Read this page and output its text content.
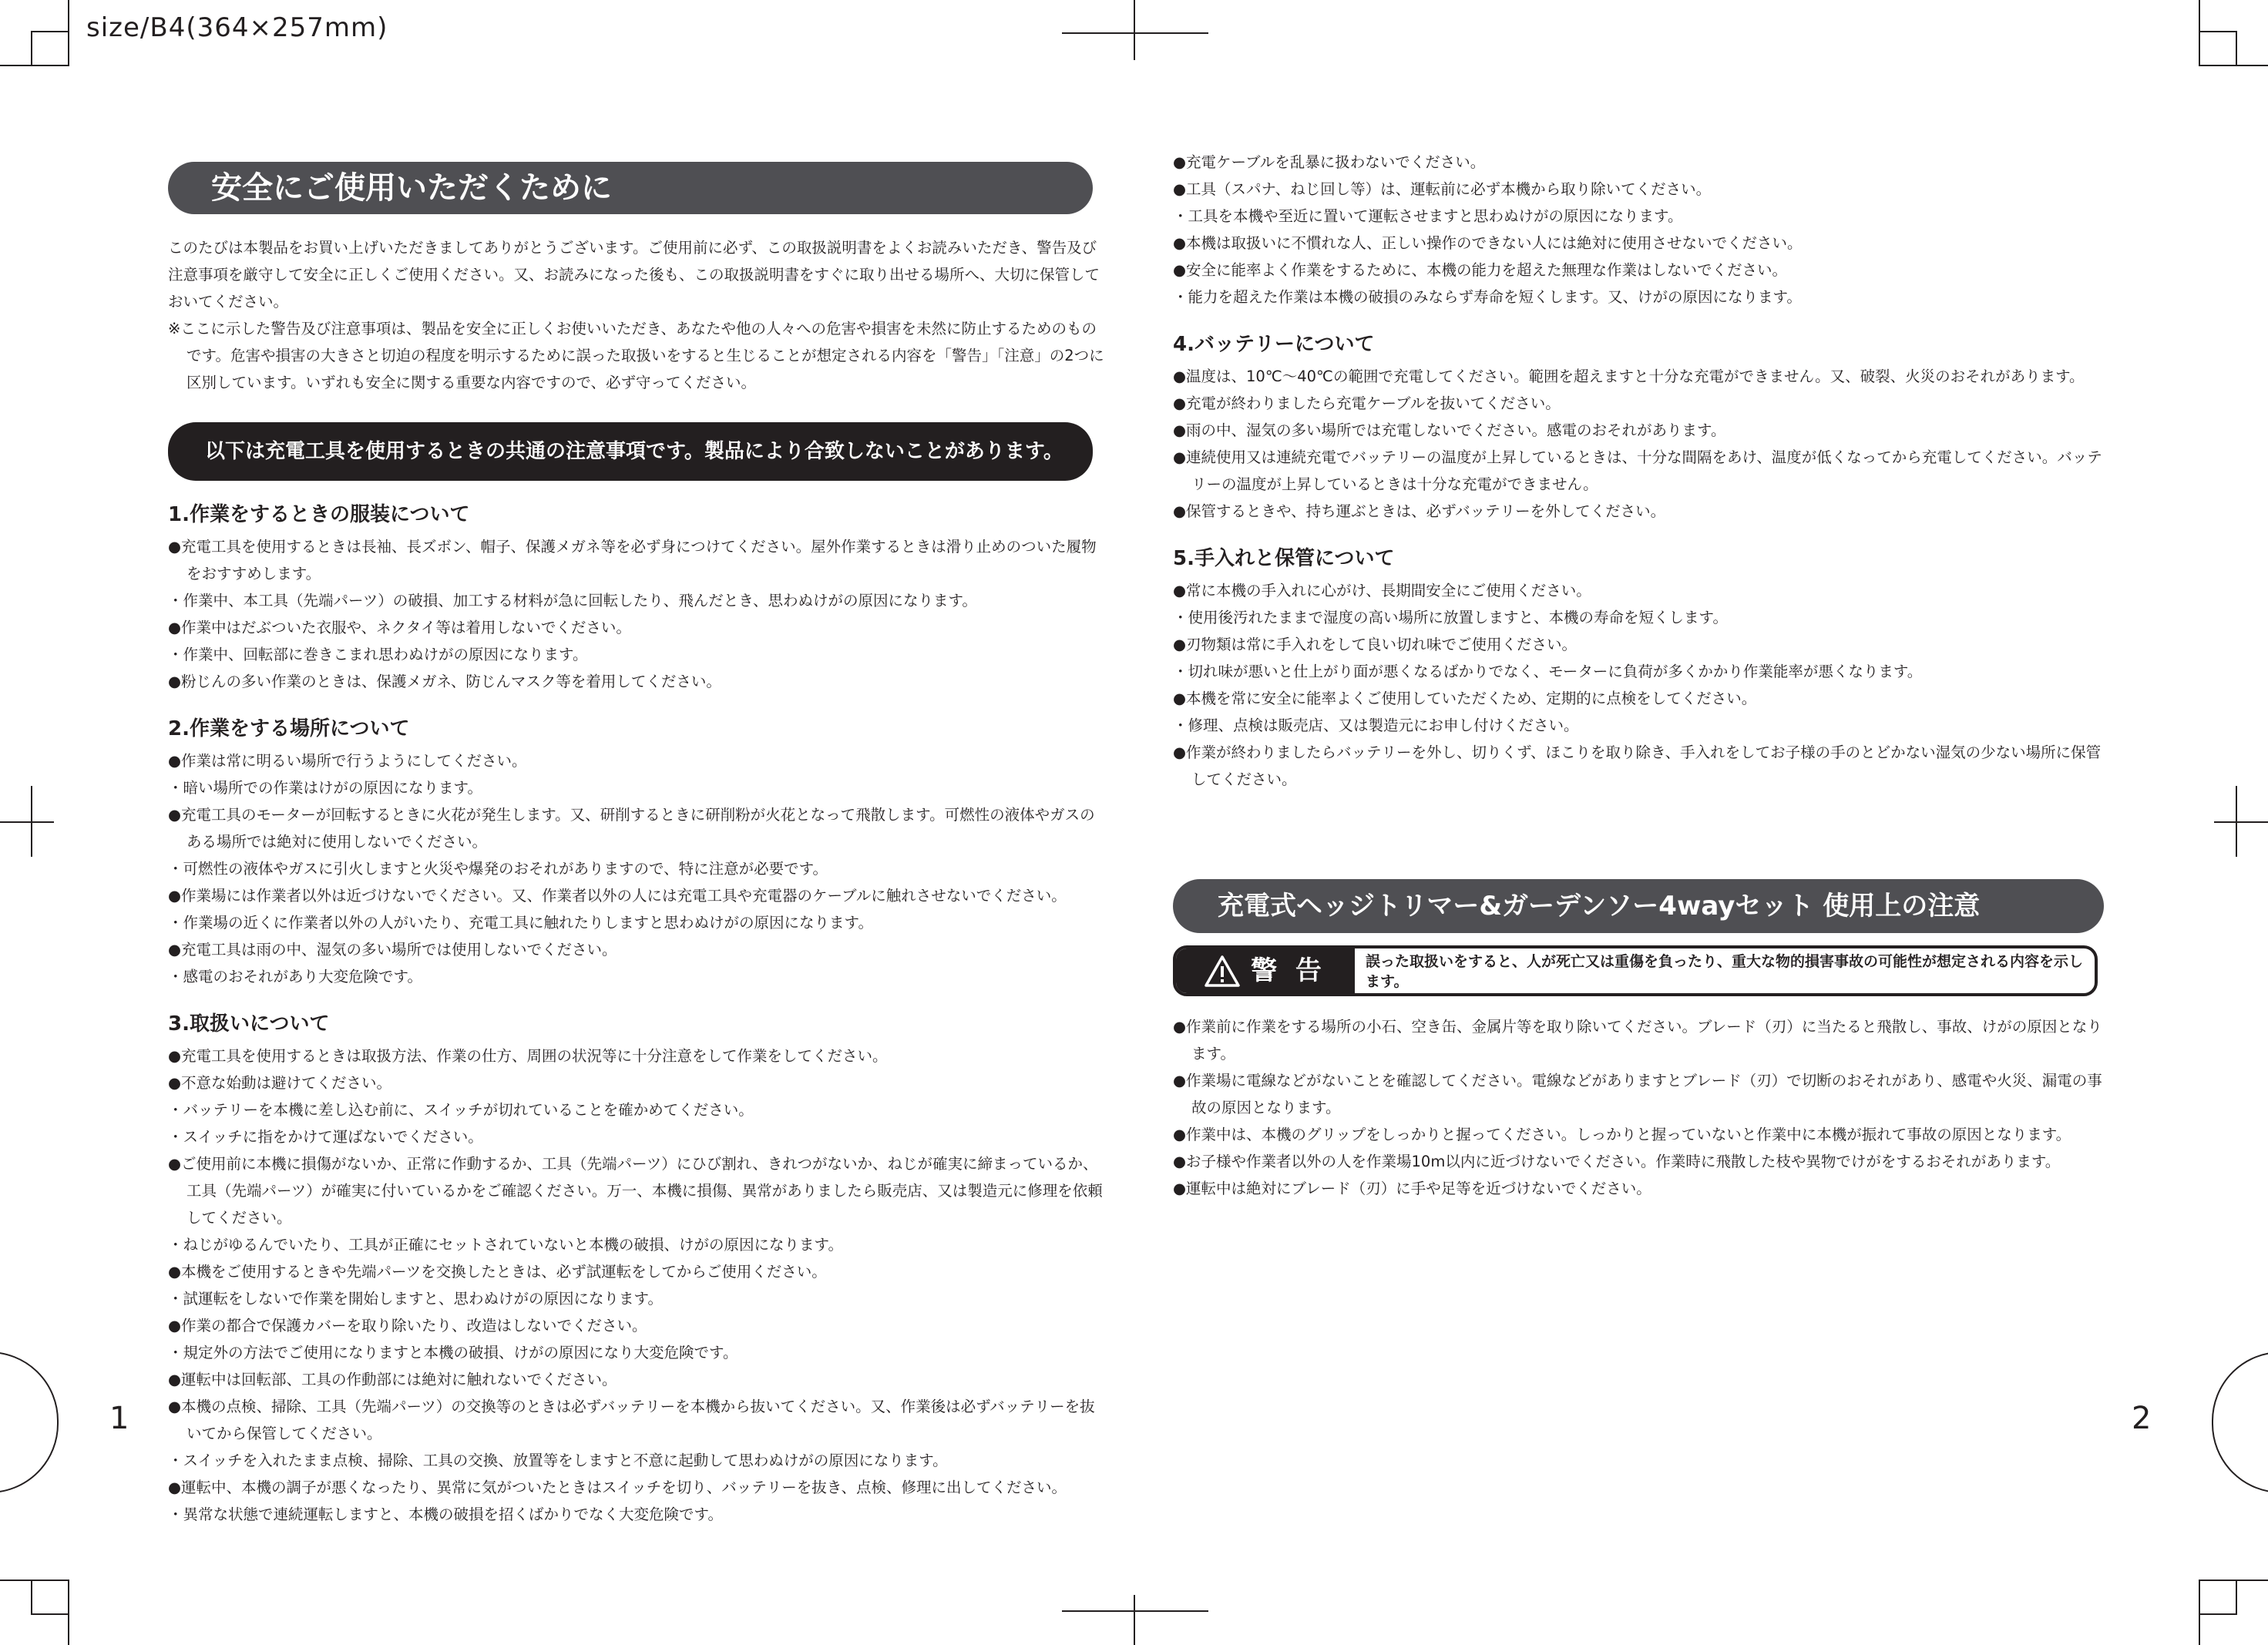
size/B4(364×257mm)
1	2
安全にご使用いただくために

このたびは本製品をお買い上げいただきましてありがとうございます。ご使用前に必ず、この取扱説明書をよくお読みいただき、警告及び注意事項を厳守して安全に正しくご使用ください。又、お読みになった後も、この取扱説明書をすぐに取り出せる場所へ、大切に保管しておいてください。

※ここに示した警告及び注意事項は、製品を安全に正しくお使いいただき、あなたや他の人々への危害や損害を未然に防止するためのものです。危害や損害の大きさと切迫の程度を明示するために誤った取扱いをすると生じることが想定される内容を「警告」「注意」の2つに区別しています。いずれも安全に関する重要な内容ですので、必ず守ってください。

以下は充電工具を使用するときの共通の注意事項です。製品により合致しないことがあります。
1.作業をするときの服装について

●充電工具を使用するときは長袖、長ズボン、帽子、保護メガネ等を必ず身につけてください。屋外作業するときは滑り止めのついた履物をおすすめします。

・作業中、本工具（先端パーツ）の破損、加工する材料が急に回転したり、飛んだとき、思わぬけがの原因になります。

●作業中はだぶついた衣服や、ネクタイ等は着用しないでください。

・作業中、回転部に巻きこまれ思わぬけがの原因になります。

●粉じんの多い作業のときは、保護メガネ、防じんマスク等を着用してください。

2.作業をする場所について

●作業は常に明るい場所で行うようにしてください。

・暗い場所での作業はけがの原因になります。

●充電工具のモーターが回転するときに火花が発生します。又、研削するときに研削粉が火花となって飛散します。可燃性の液体やガスのある場所では絶対に使用しないでください。

・可燃性の液体やガスに引火しますと火災や爆発のおそれがありますので、特に注意が必要です。

●作業場には作業者以外は近づけないでください。又、作業者以外の人には充電工具や充電器のケーブルに触れさせないでください。

・作業場の近くに作業者以外の人がいたり、充電工具に触れたりしますと思わぬけがの原因になります。

●充電工具は雨の中、湿気の多い場所では使用しないでください。

・感電のおそれがあり大変危険です。

3.取扱いについて

●充電工具を使用するときは取扱方法、作業の仕方、周囲の状況等に十分注意をして作業をしてください。

●不意な始動は避けてください。

・バッテリーを本機に差し込む前に、スイッチが切れていることを確かめてください。

・スイッチに指をかけて運ばないでください。

●ご使用前に本機に損傷がないか、正常に作動するか、工具（先端パーツ）にひび割れ、きれつがないか、ねじが確実に締まっているか、工具（先端パーツ）が確実に付いているかをご確認ください。万一、本機に損傷、異常がありましたら販売店、又は製造元に修理を依頼してください。

・ねじがゆるんでいたり、工具が正確にセットされていないと本機の破損、けがの原因になります。

●本機をご使用するときや先端パーツを交換したときは、必ず試運転をしてからご使用ください。

・試運転をしないで作業を開始しますと、思わぬけがの原因になります。

●作業の都合で保護カバーを取り除いたり、改造はしないでください。

・規定外の方法でご使用になりますと本機の破損、けがの原因になり大変危険です。

●運転中は回転部、工具の作動部には絶対に触れないでください。

●本機の点検、掃除、工具（先端パーツ）の交換等のときは必ずバッテリーを本機から抜いてください。又、作業後は必ずバッテリーを抜いてから保管してください。

・スイッチを入れたまま点検、掃除、工具の交換、放置等をしますと不意に起動して思わぬけがの原因になります。

●運転中、本機の調子が悪くなったり、異常に気がついたときはスイッチを切り、バッテリーを抜き、点検、修理に出してください。

・異常な状態で連続運転しますと、本機の破損を招くばかりでなく大変危険です。

●充電ケーブルを乱暴に扱わないでください。

●工具（スパナ、ねじ回し等）は、運転前に必ず本機から取り除いてください。

・工具を本機や至近に置いて運転させますと思わぬけがの原因になります。

●本機は取扱いに不慣れな人、正しい操作のできない人には絶対に使用させないでください。

●安全に能率よく作業をするために、本機の能力を超えた無理な作業はしないでください。

・能力を超えた作業は本機の破損のみならず寿命を短くします。又、けがの原因になります。

4.バッテリーについて

●温度は、10℃～40℃の範囲で充電してください。範囲を超えますと十分な充電ができません。又、破裂、火災のおそれがあります。

●充電が終わりましたら充電ケーブルを抜いてください。

●雨の中、湿気の多い場所では充電しないでください。感電のおそれがあります。

●連続使用又は連続充電でバッテリーの温度が上昇しているときは、十分な間隔をあけ、温度が低くなってから充電してください。バッテリーの温度が上昇しているときは十分な充電ができません。

●保管するときや、持ち運ぶときは、必ずバッテリーを外してください。

5.手入れと保管について

●常に本機の手入れに心がけ、長期間安全にご使用ください。

・使用後汚れたままで湿度の高い場所に放置しますと、本機の寿命を短くします。

●刃物類は常に手入れをして良い切れ味でご使用ください。

・切れ味が悪いと仕上がり面が悪くなるばかりでなく、モーターに負荷が多くかかり作業能率が悪くなります。

●本機を常に安全に能率よくご使用していただくため、定期的に点検をしてください。

・修理、点検は販売店、又は製造元にお申し付けください。

●作業が終わりましたらバッテリーを外し、切りくず、ほこりを取り除き、手入れをしてお子様の手のとどかない湿気の少ない場所に保管してください。

充電式ヘッジトリマー&ガーデンソー4wayセット 使用上の注意
警 告	誤った取扱いをすると、人が死亡又は重傷を負ったり、重大な物的損害事故の可能性が想定される内容を示します。

●作業前に作業をする場所の小石、空き缶、金属片等を取り除いてください。ブレード（刃）に当たると飛散し、事故、けがの原因となります。

●作業場に電線などがないことを確認してください。電線などがありますとブレード（刃）で切断のおそれがあり、感電や火災、漏電の事故の原因となります。

●作業中は、本機のグリップをしっかりと握ってください。しっかりと握っていないと作業中に本機が振れて事故の原因となります。

●お子様や作業者以外の人を作業場10m以内に近づけないでください。作業時に飛散した枝や異物でけがをするおそれがあります。

●運転中は絶対にブレード（刃）に手や足等を近づけないでください。
